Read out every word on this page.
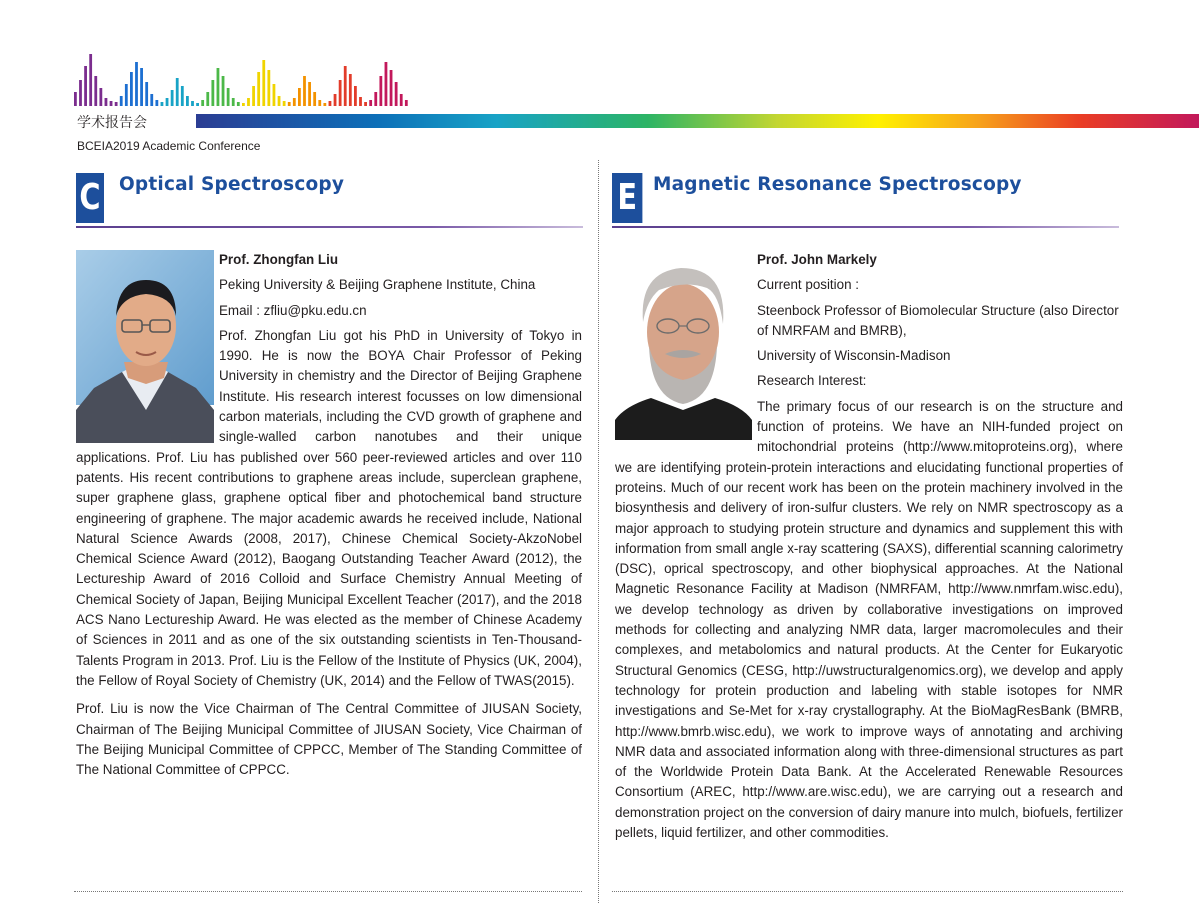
学术报告会
BCEIA2019 Academic Conference
C Optical Spectroscopy
Prof. Zhongfan Liu
Peking University & Beijing Graphene Institute, China
Email : zfliu@pku.edu.cn

Prof. Zhongfan Liu got his PhD in University of Tokyo in 1990. He is now the BOYA Chair Professor of Peking University in chemistry and the Director of Beijing Graphene Institute. His research interest focusses on low dimensional carbon materials, including the CVD growth of graphene and single-walled carbon nanotubes and their unique applications. Prof. Liu has published over 560 peer-reviewed articles and over 110 patents. His recent contributions to graphene areas include, superclean graphene, super graphene glass, graphene optical fiber and photochemical band structure engineering of graphene. The major academic awards he received include, National Natural Science Awards (2008, 2017), Chinese Chemical Society-AkzoNobel Chemical Science Award (2012), Baogang Outstanding Teacher Award (2012), the Lectureship Award of 2016 Colloid and Surface Chemistry Annual Meeting of Chemical Society of Japan, Beijing Municipal Excellent Teacher (2017), and the 2018 ACS Nano Lectureship Award. He was elected as the member of Chinese Academy of Sciences in 2011 and as one of the six outstanding scientists in Ten-Thousand-Talents Program in 2013. Prof. Liu is the Fellow of the Institute of Physics (UK, 2004), the Fellow of Royal Society of Chemistry (UK, 2014) and the Fellow of TWAS(2015).

Prof. Liu is now the Vice Chairman of The Central Committee of JIUSAN Society, Chairman of The Beijing Municipal Committee of JIUSAN Society, Vice Chairman of The Beijing Municipal Committee of CPPCC, Member of The Standing Committee of The National Committee of CPPCC.

E Magnetic Resonance Spectroscopy
Prof. John Markely
Current position :
Steenbock Professor of Biomolecular Structure (also Director of NMRFAM and BMRB),
University of Wisconsin-Madison
Research Interest:

The primary focus of our research is on the structure and function of proteins. We have an NIH-funded project on mitochondrial proteins (http://www.mitoproteins.org), where we are identifying protein-protein interactions and elucidating functional properties of proteins. Much of our recent work has been on the protein machinery involved in the biosynthesis and delivery of iron-sulfur clusters. We rely on NMR spectroscopy as a major approach to studying protein structure and dynamics and supplement this with information from small angle x-ray scattering (SAXS), differential scanning calorimetry (DSC), oprical spectroscopy, and other biophysical approaches. At the National Magnetic Resonance Facility at Madison (NMRFAM, http://www.nmrfam.wisc.edu), we develop technology as driven by collaborative investigations on improved methods for collecting and analyzing NMR data, larger macromolecules and their complexes, and metabolomics and natural products. At the Center for Eukaryotic Structural Genomics (CESG, http://uwstructuralgenomics.org), we develop and apply technology for protein production and labeling with stable isotopes for NMR investigations and Se-Met for x-ray crystallography. At the BioMagResBank (BMRB, http://www.bmrb.wisc.edu), we work to improve ways of annotating and archiving NMR data and associated information along with three-dimensional structures as part of the Worldwide Protein Data Bank. At the Accelerated Renewable Resources Consortium (AREC, http://www.are.wisc.edu), we are carrying out a research and demonstration project on the conversion of dairy manure into mulch, biofuels, fertilizer pellets, liquid fertilizer, and other commodities.
